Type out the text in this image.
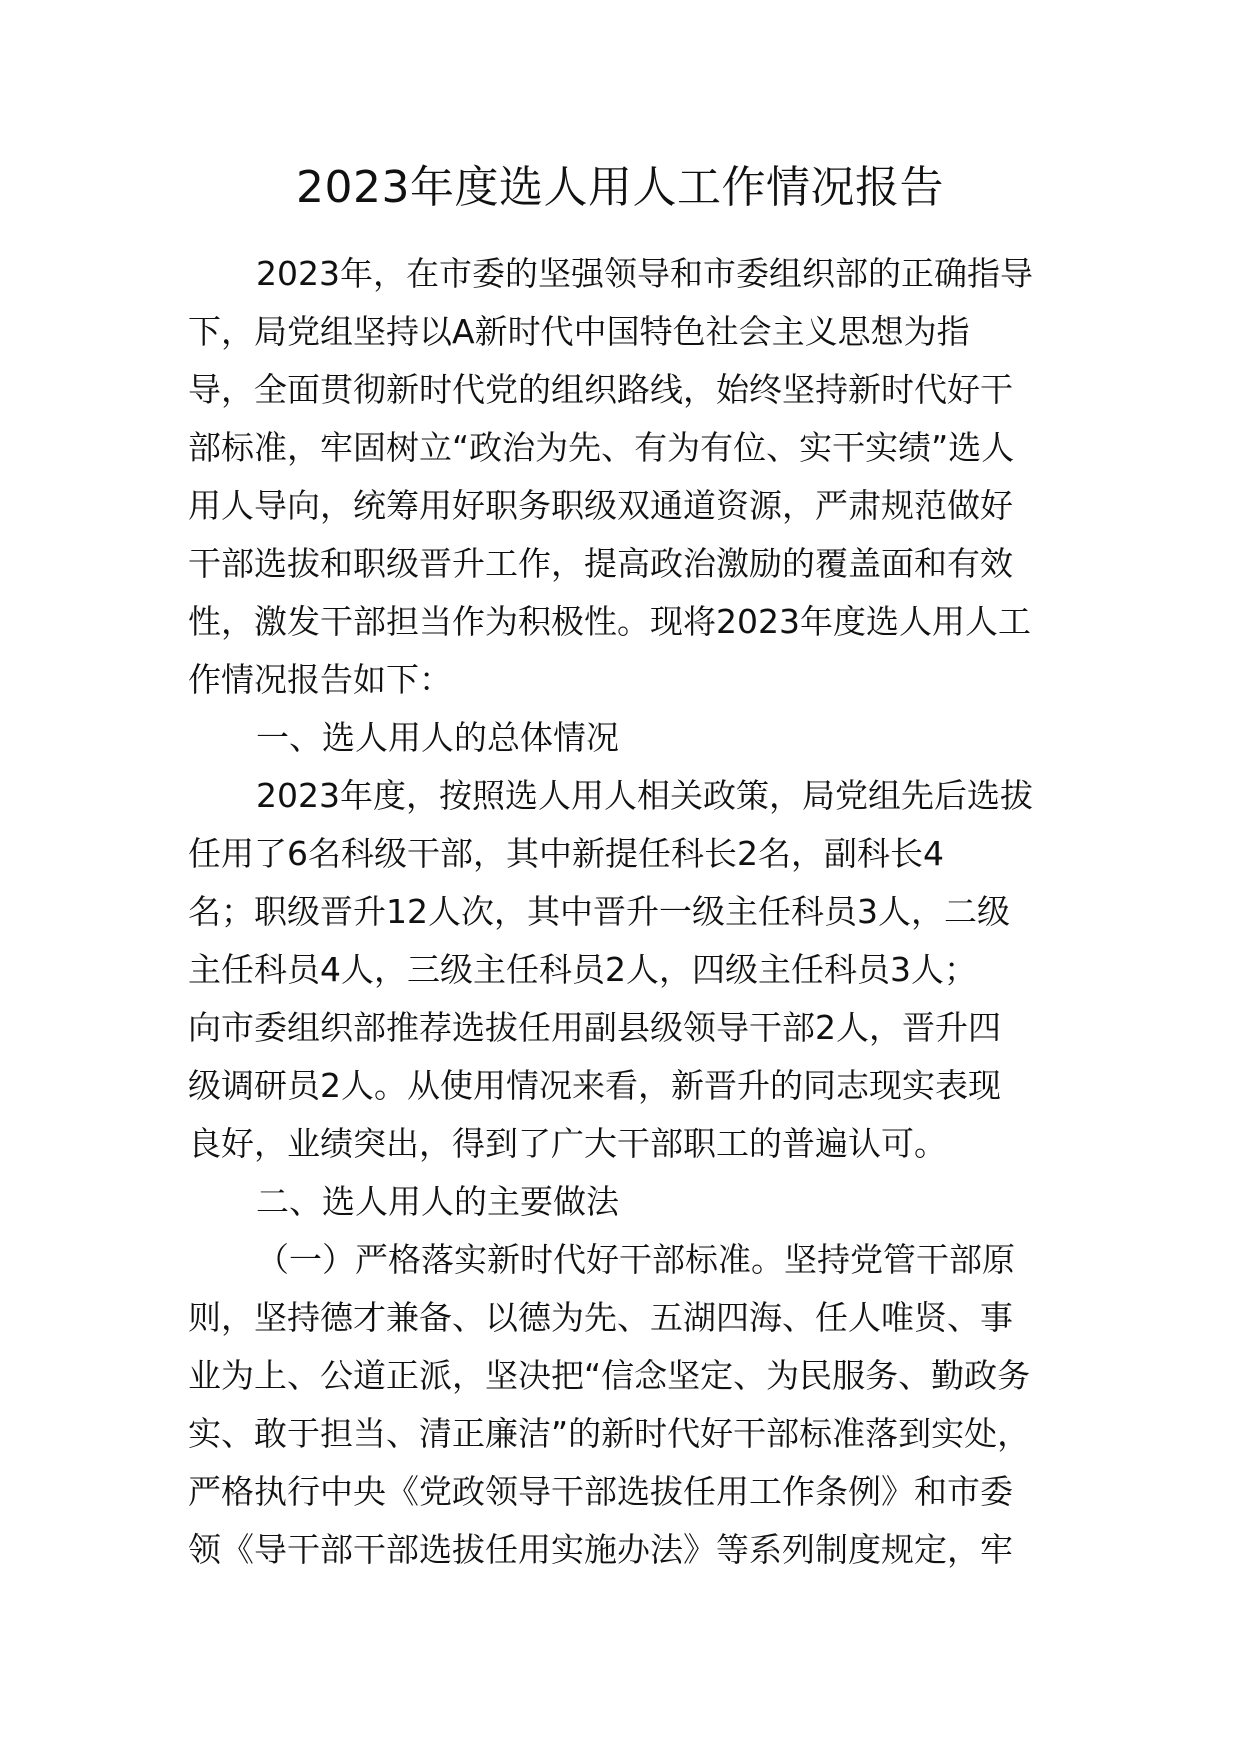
2023年度选人用人工作情况报告
2023年，在市委的坚强领导和市委组织部的正确指导
下，局党组坚持以A新时代中国特色社会主义思想为指
导，全面贯彻新时代党的组织路线，始终坚持新时代好干
部标准，牢固树立“政治为先、有为有位、实干实绩”选人
用人导向，统筹用好职务职级双通道资源，严肃规范做好
干部选拔和职级晋升工作，提高政治激励的覆盖面和有效
性，激发干部担当作为积极性。现将2023年度选人用人工
作情况报告如下：
一、选人用人的总体情况
2023年度，按照选人用人相关政策，局党组先后选拔
任用了6名科级干部，其中新提任科长2名，副科长4
名；职级晋升12人次，其中晋升一级主任科员3人，二级
主任科员4人，三级主任科员2人，四级主任科员3人；
向市委组织部推荐选拔任用副县级领导干部2人，晋升四
级调研员2人。从使用情况来看，新晋升的同志现实表现
良好，业绩突出，得到了广大干部职工的普遍认可。
二、选人用人的主要做法
（一）严格落实新时代好干部标准。坚持党管干部原
则，坚持德才兼备、以德为先、五湖四海、任人唯贤、事
业为上、公道正派，坚决把“信念坚定、为民服务、勤政务
实、敢于担当、清正廉洁”的新时代好干部标准落到实处，
严格执行中央《党政领导干部选拔任用工作条例》和市委
领《导干部干部选拔任用实施办法》等系列制度规定，牢
